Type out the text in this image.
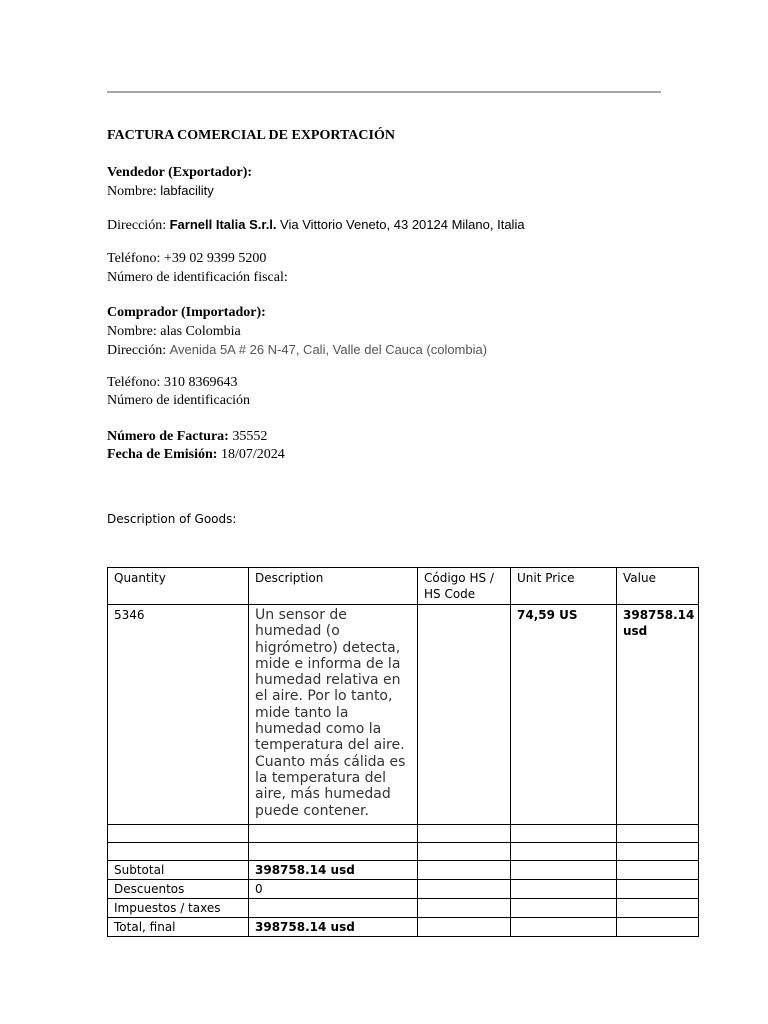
FACTURA COMERCIAL DE EXPORTACIÓN
Vendedor (Exportador):
Nombre: labfacility
Dirección: Farnell Italia S.r.l. Via Vittorio Veneto, 43 20124 Milano, Italia
Teléfono: +39 02 9399 5200
Número de identificación fiscal:
Comprador (Importador):
Nombre: alas Colombia
Dirección: Avenida 5A # 26 N-47, Cali, Valle del Cauca (colombia)
Teléfono: 310 8369643
Número de identificación
Número de Factura: 35552
Fecha de Emisión: 18/07/2024
Description of Goods:
Quantity	Description	Código HS / HS Code	Unit Price	Value
5346	Un sensor de humedad (o higrómetro) detecta, mide e informa de la humedad relativa en el aire. Por lo tanto, mide tanto la humedad como la temperatura del aire. Cuanto más cálida es la temperatura del aire, más humedad puede contener.		74,59 US	398758.14 usd

Subtotal	398758.14 usd			
Descuentos	0			
Impuestos / taxes				
Total, final	398758.14 usd			
